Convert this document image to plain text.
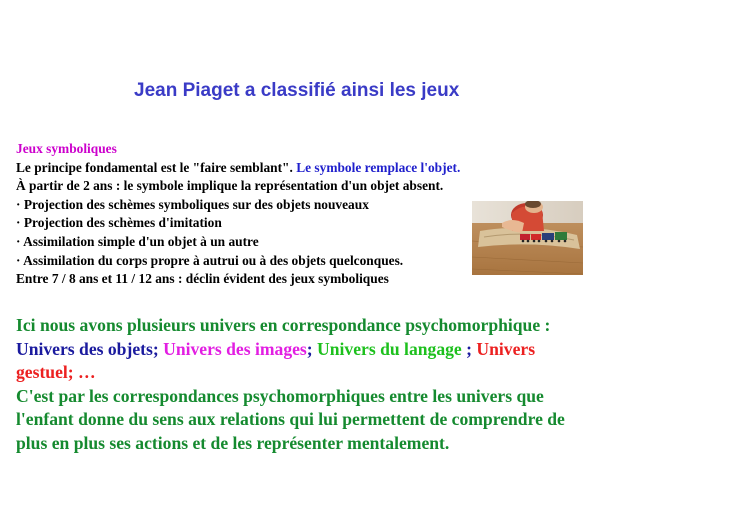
Jean Piaget a classifié ainsi les jeux
Jeux symboliques
Le principe fondamental est le "faire semblant". Le symbole remplace l'objet.
À partir de 2 ans : le symbole implique la représentation d'un objet absent.
· Projection des schèmes symboliques sur des objets nouveaux
· Projection des schèmes d'imitation
· Assimilation simple d'un objet à un autre
· Assimilation du corps propre à autrui ou à des objets quelconques.
Entre 7 / 8 ans et 11 / 12 ans : déclin évident des jeux symboliques
Ici nous avons plusieurs univers en correspondance psychomorphique :
Univers des objets; Univers des images; Univers du langage ; Univers
gestuel; …
C'est par les correspondances psychomorphiques entre les univers que
l'enfant donne du sens aux relations qui lui permettent de comprendre de
plus en plus ses actions et de les représenter mentalement.
